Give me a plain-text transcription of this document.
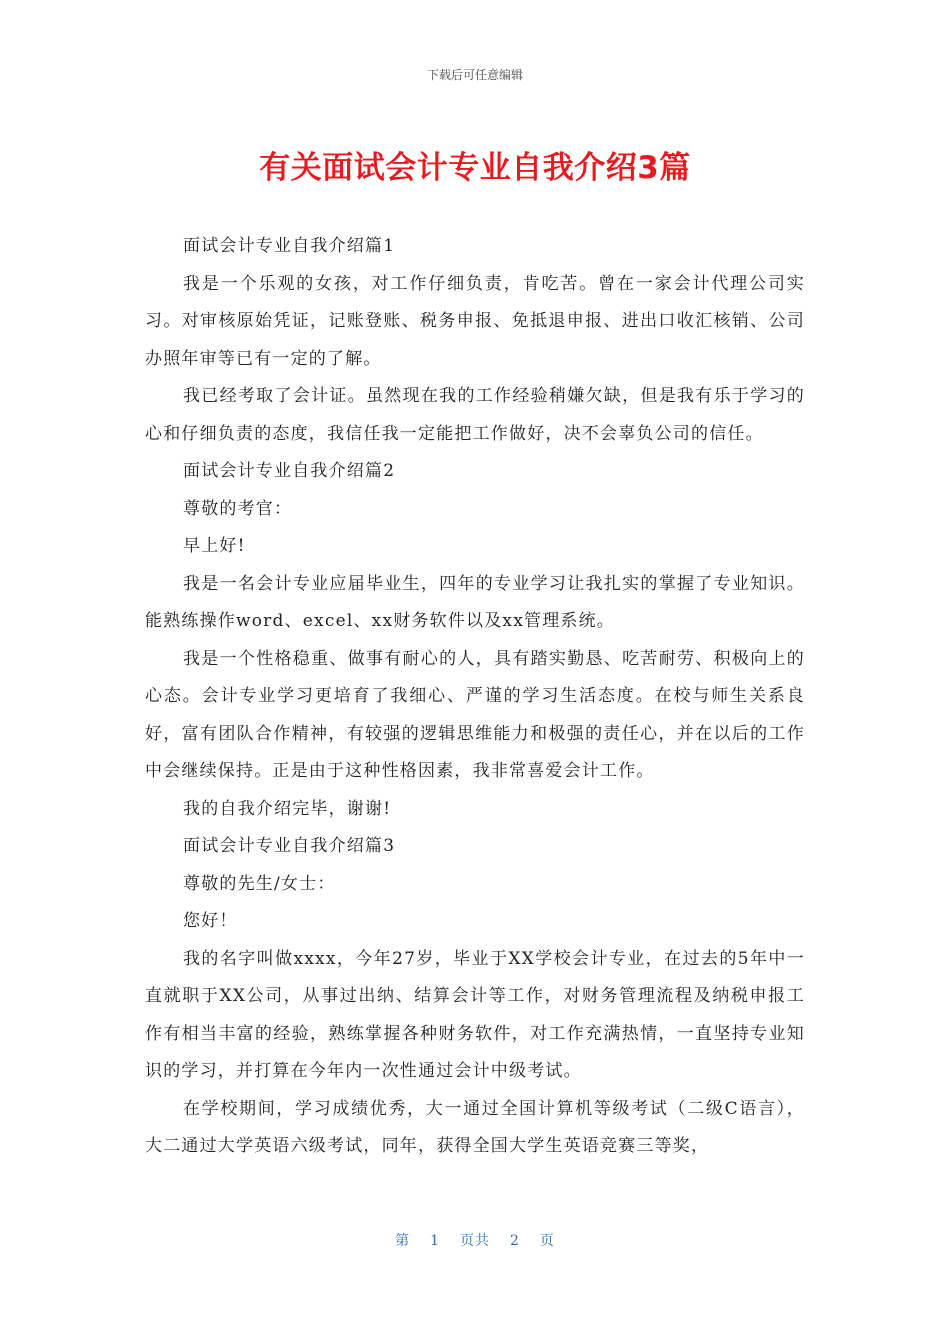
下载后可任意编辑
有关面试会计专业自我介绍3篇

面试会计专业自我介绍篇1

我是一个乐观的女孩，对工作仔细负责，肯吃苦。曾在一家会计代理公司实习。对审核原始凭证，记账登账、税务申报、免抵退申报、进出口收汇核销、公司办照年审等已有一定的了解。

我已经考取了会计证。虽然现在我的工作经验稍嫌欠缺，但是我有乐于学习的心和仔细负责的态度，我信任我一定能把工作做好，决不会辜负公司的信任。

面试会计专业自我介绍篇2

尊敬的考官：

早上好!

我是一名会计专业应届毕业生，四年的专业学习让我扎实的掌握了专业知识。能熟练操作word、excel、xx财务软件以及xx管理系统。

我是一个性格稳重、做事有耐心的人，具有踏实勤恳、吃苦耐劳、积极向上的心态。会计专业学习更培育了我细心、严谨的学习生活态度。在校与师生关系良好，富有团队合作精神，有较强的逻辑思维能力和极强的责任心，并在以后的工作中会继续保持。正是由于这种性格因素，我非常喜爱会计工作。

我的自我介绍完毕，谢谢!

面试会计专业自我介绍篇3

尊敬的先生/女士：

您好！

我的名字叫做xxxx，今年27岁，毕业于XX学校会计专业，在过去的5年中一直就职于XX公司，从事过出纳、结算会计等工作，对财务管理流程及纳税申报工作有相当丰富的经验，熟练掌握各种财务软件，对工作充满热情，一直坚持专业知识的学习，并打算在今年内一次性通过会计中级考试。

在学校期间，学习成绩优秀，大一通过全国计算机等级考试（二级C语言），大二通过大学英语六级考试，同年，获得全国大学生英语竞赛三等奖，

第 1 页共 2 页
